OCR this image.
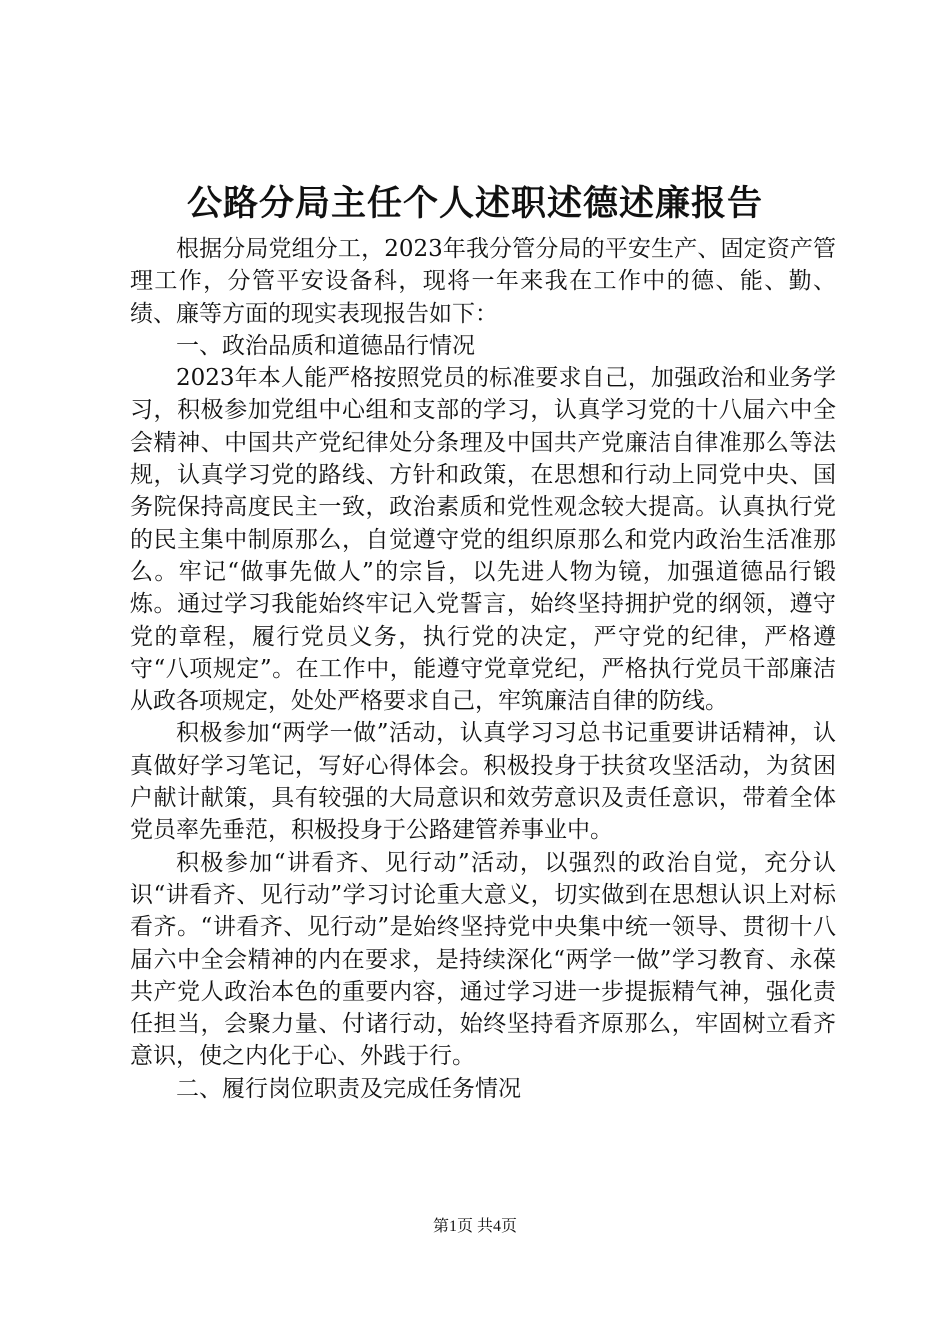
公路分局主任个人述职述德述廉报告

根据分局党组分工，2023年我分管分局的平安生产、固定资产管理工作，分管平安设备科，现将一年来我在工作中的德、能、勤、绩、廉等方面的现实表现报告如下：

一、政治品质和道德品行情况

2023年本人能严格按照党员的标准要求自己，加强政治和业务学习，积极参加党组中心组和支部的学习，认真学习党的十八届六中全会精神、中国共产党纪律处分条理及中国共产党廉洁自律准那么等法规，认真学习党的路线、方针和政策，在思想和行动上同党中央、国务院保持高度民主一致，政治素质和党性观念较大提高。认真执行党的民主集中制原那么，自觉遵守党的组织原那么和党内政治生活准那么。牢记“做事先做人”的宗旨，以先进人物为镜，加强道德品行锻炼。通过学习我能始终牢记入党誓言，始终坚持拥护党的纲领，遵守党的章程，履行党员义务，执行党的决定，严守党的纪律，严格遵守“八项规定”。在工作中，能遵守党章党纪，严格执行党员干部廉洁从政各项规定，处处严格要求自己，牢筑廉洁自律的防线。

积极参加“两学一做”活动，认真学习习总书记重要讲话精神，认真做好学习笔记，写好心得体会。积极投身于扶贫攻坚活动，为贫困户献计献策，具有较强的大局意识和效劳意识及责任意识，带着全体党员率先垂范，积极投身于公路建管养事业中。

积极参加“讲看齐、见行动”活动，以强烈的政治自觉，充分认识“讲看齐、见行动”学习讨论重大意义，切实做到在思想认识上对标看齐。“讲看齐、见行动”是始终坚持党中央集中统一领导、贯彻十八届六中全会精神的内在要求，是持续深化“两学一做”学习教育、永葆共产党人政治本色的重要内容，通过学习进一步提振精气神，强化责任担当，会聚力量、付诸行动，始终坚持看齐原那么，牢固树立看齐意识，使之内化于心、外践于行。

二、履行岗位职责及完成任务情况

第1页 共4页
